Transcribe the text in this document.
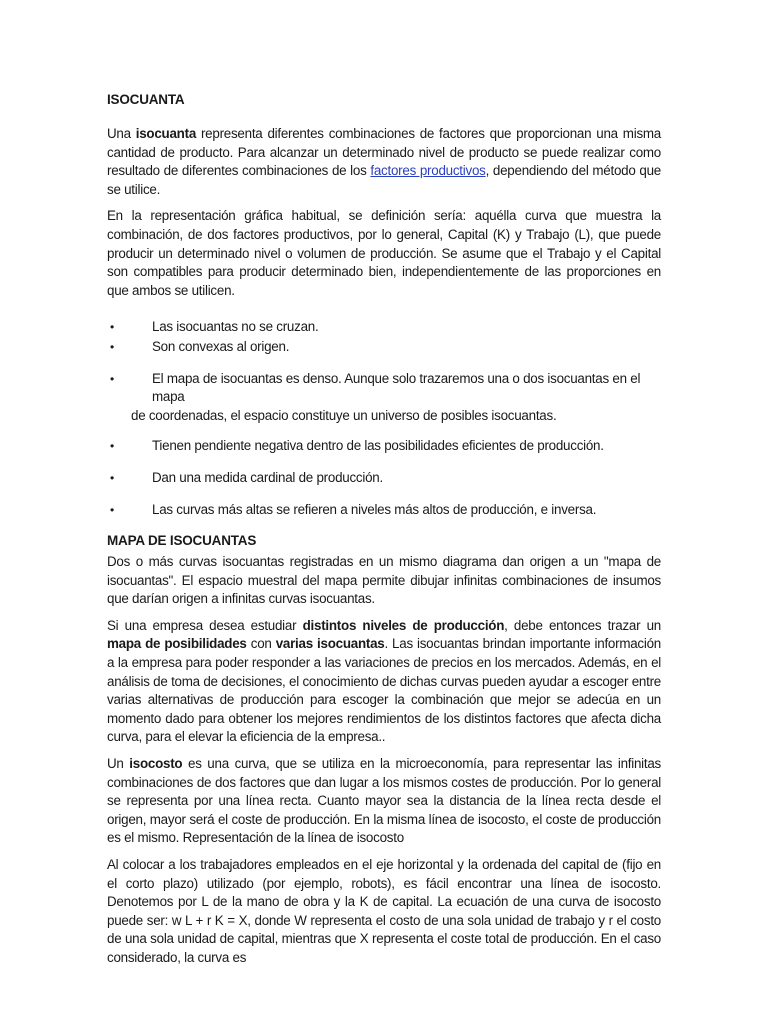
ISOCUANTA

Una isocuanta representa diferentes combinaciones de factores que proporcionan una misma cantidad de producto. Para alcanzar un determinado nivel de producto se puede realizar como resultado de diferentes combinaciones de los factores productivos, dependiendo del método que se utilice.

En la representación gráfica habitual, se definición sería: aquélla curva que muestra la combinación, de dos factores productivos, por lo general, Capital (K) y Trabajo (L), que puede producir un determinado nivel o volumen de producción. Se asume que el Trabajo y el Capital son compatibles para producir determinado bien, independientemente de las proporciones en que ambos se utilicen.

•	Las isocuantas no se cruzan.
•	Son convexas al origen.
•	El mapa de isocuantas es denso. Aunque solo trazaremos una o dos isocuantas en el mapa
de coordenadas, el espacio constituye un universo de posibles isocuantas.
•	Tienen pendiente negativa dentro de las posibilidades eficientes de producción.
•	Dan una medida cardinal de producción.
•	Las curvas más altas se refieren a niveles más altos de producción, e inversa.
MAPA DE ISOCUANTAS

Dos o más curvas isocuantas registradas en un mismo diagrama dan origen a un "mapa de isocuantas". El espacio muestral del mapa permite dibujar infinitas combinaciones de insumos que darían origen a infinitas curvas isocuantas.

Si una empresa desea estudiar distintos niveles de producción, debe entonces trazar un mapa de posibilidades con varias isocuantas. Las isocuantas brindan importante información a la empresa para poder responder a las variaciones de precios en los mercados. Además, en el análisis de toma de decisiones, el conocimiento de dichas curvas pueden ayudar a escoger entre varias alternativas de producción para escoger la combinación que mejor se adecúa en un momento dado para obtener los mejores rendimientos de los distintos factores que afecta dicha curva, para el elevar la eficiencia de la empresa..

Un isocosto es una curva, que se utiliza en la microeconomía, para representar las infinitas combinaciones de dos factores que dan lugar a los mismos costes de producción. Por lo general se representa por una línea recta. Cuanto mayor sea la distancia de la línea recta desde el origen, mayor será el coste de producción. En la misma línea de isocosto, el coste de producción es el mismo. Representación de la línea de isocosto

Al colocar a los trabajadores empleados en el eje horizontal y la ordenada del capital de (fijo en el corto plazo) utilizado (por ejemplo, robots), es fácil encontrar una línea de isocosto. Denotemos por L de la mano de obra y la K de capital. La ecuación de una curva de isocosto puede ser: w L + r K = X, donde W representa el costo de una sola unidad de trabajo y r el costo de una sola unidad de capital, mientras que X representa el coste total de producción. En el caso considerado, la curva es
